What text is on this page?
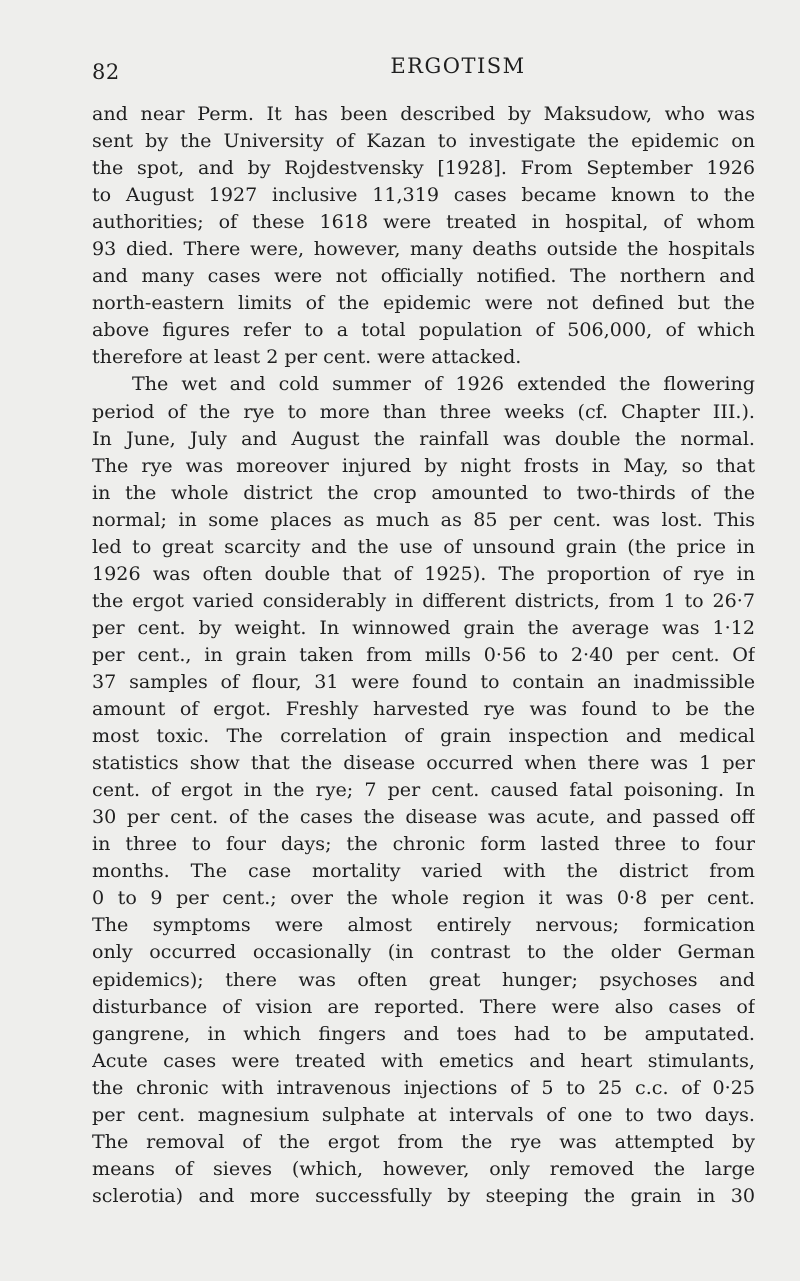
82	ERGOTISM
and near Perm. It has been described by Maksudow, who was
sent by the University of Kazan to investigate the epidemic on
the spot, and by Rojdestvensky [1928]. From September 1926
to August 1927 inclusive 11,319 cases became known to the
authorities; of these 1618 were treated in hospital, of whom
93 died. There were, however, many deaths outside the hospitals
and many cases were not officially notified. The northern and
north-eastern limits of the epidemic were not defined but the
above figures refer to a total population of 506,000, of which
therefore at least 2 per cent. were attacked.
The wet and cold summer of 1926 extended the flowering
period of the rye to more than three weeks (cf. Chapter III.).
In June, July and August the rainfall was double the normal.
The rye was moreover injured by night frosts in May, so that
in the whole district the crop amounted to two-thirds of the
normal; in some places as much as 85 per cent. was lost. This
led to great scarcity and the use of unsound grain (the price in
1926 was often double that of 1925). The proportion of rye in
the ergot varied considerably in different districts, from 1 to 26·7
per cent. by weight. In winnowed grain the average was 1·12
per cent., in grain taken from mills 0·56 to 2·40 per cent. Of
37 samples of flour, 31 were found to contain an inadmissible
amount of ergot. Freshly harvested rye was found to be the
most toxic. The correlation of grain inspection and medical
statistics show that the disease occurred when there was 1 per
cent. of ergot in the rye; 7 per cent. caused fatal poisoning. In
30 per cent. of the cases the disease was acute, and passed off
in three to four days; the chronic form lasted three to four
months. The case mortality varied with the district from
0 to 9 per cent.; over the whole region it was 0·8 per cent.
The symptoms were almost entirely nervous; formication
only occurred occasionally (in contrast to the older German
epidemics); there was often great hunger; psychoses and
disturbance of vision are reported. There were also cases of
gangrene, in which fingers and toes had to be amputated.
Acute cases were treated with emetics and heart stimulants,
the chronic with intravenous injections of 5 to 25 c.c. of 0·25
per cent. magnesium sulphate at intervals of one to two days.
The removal of the ergot from the rye was attempted by
means of sieves (which, however, only removed the large
sclerotia) and more successfully by steeping the grain in 30
